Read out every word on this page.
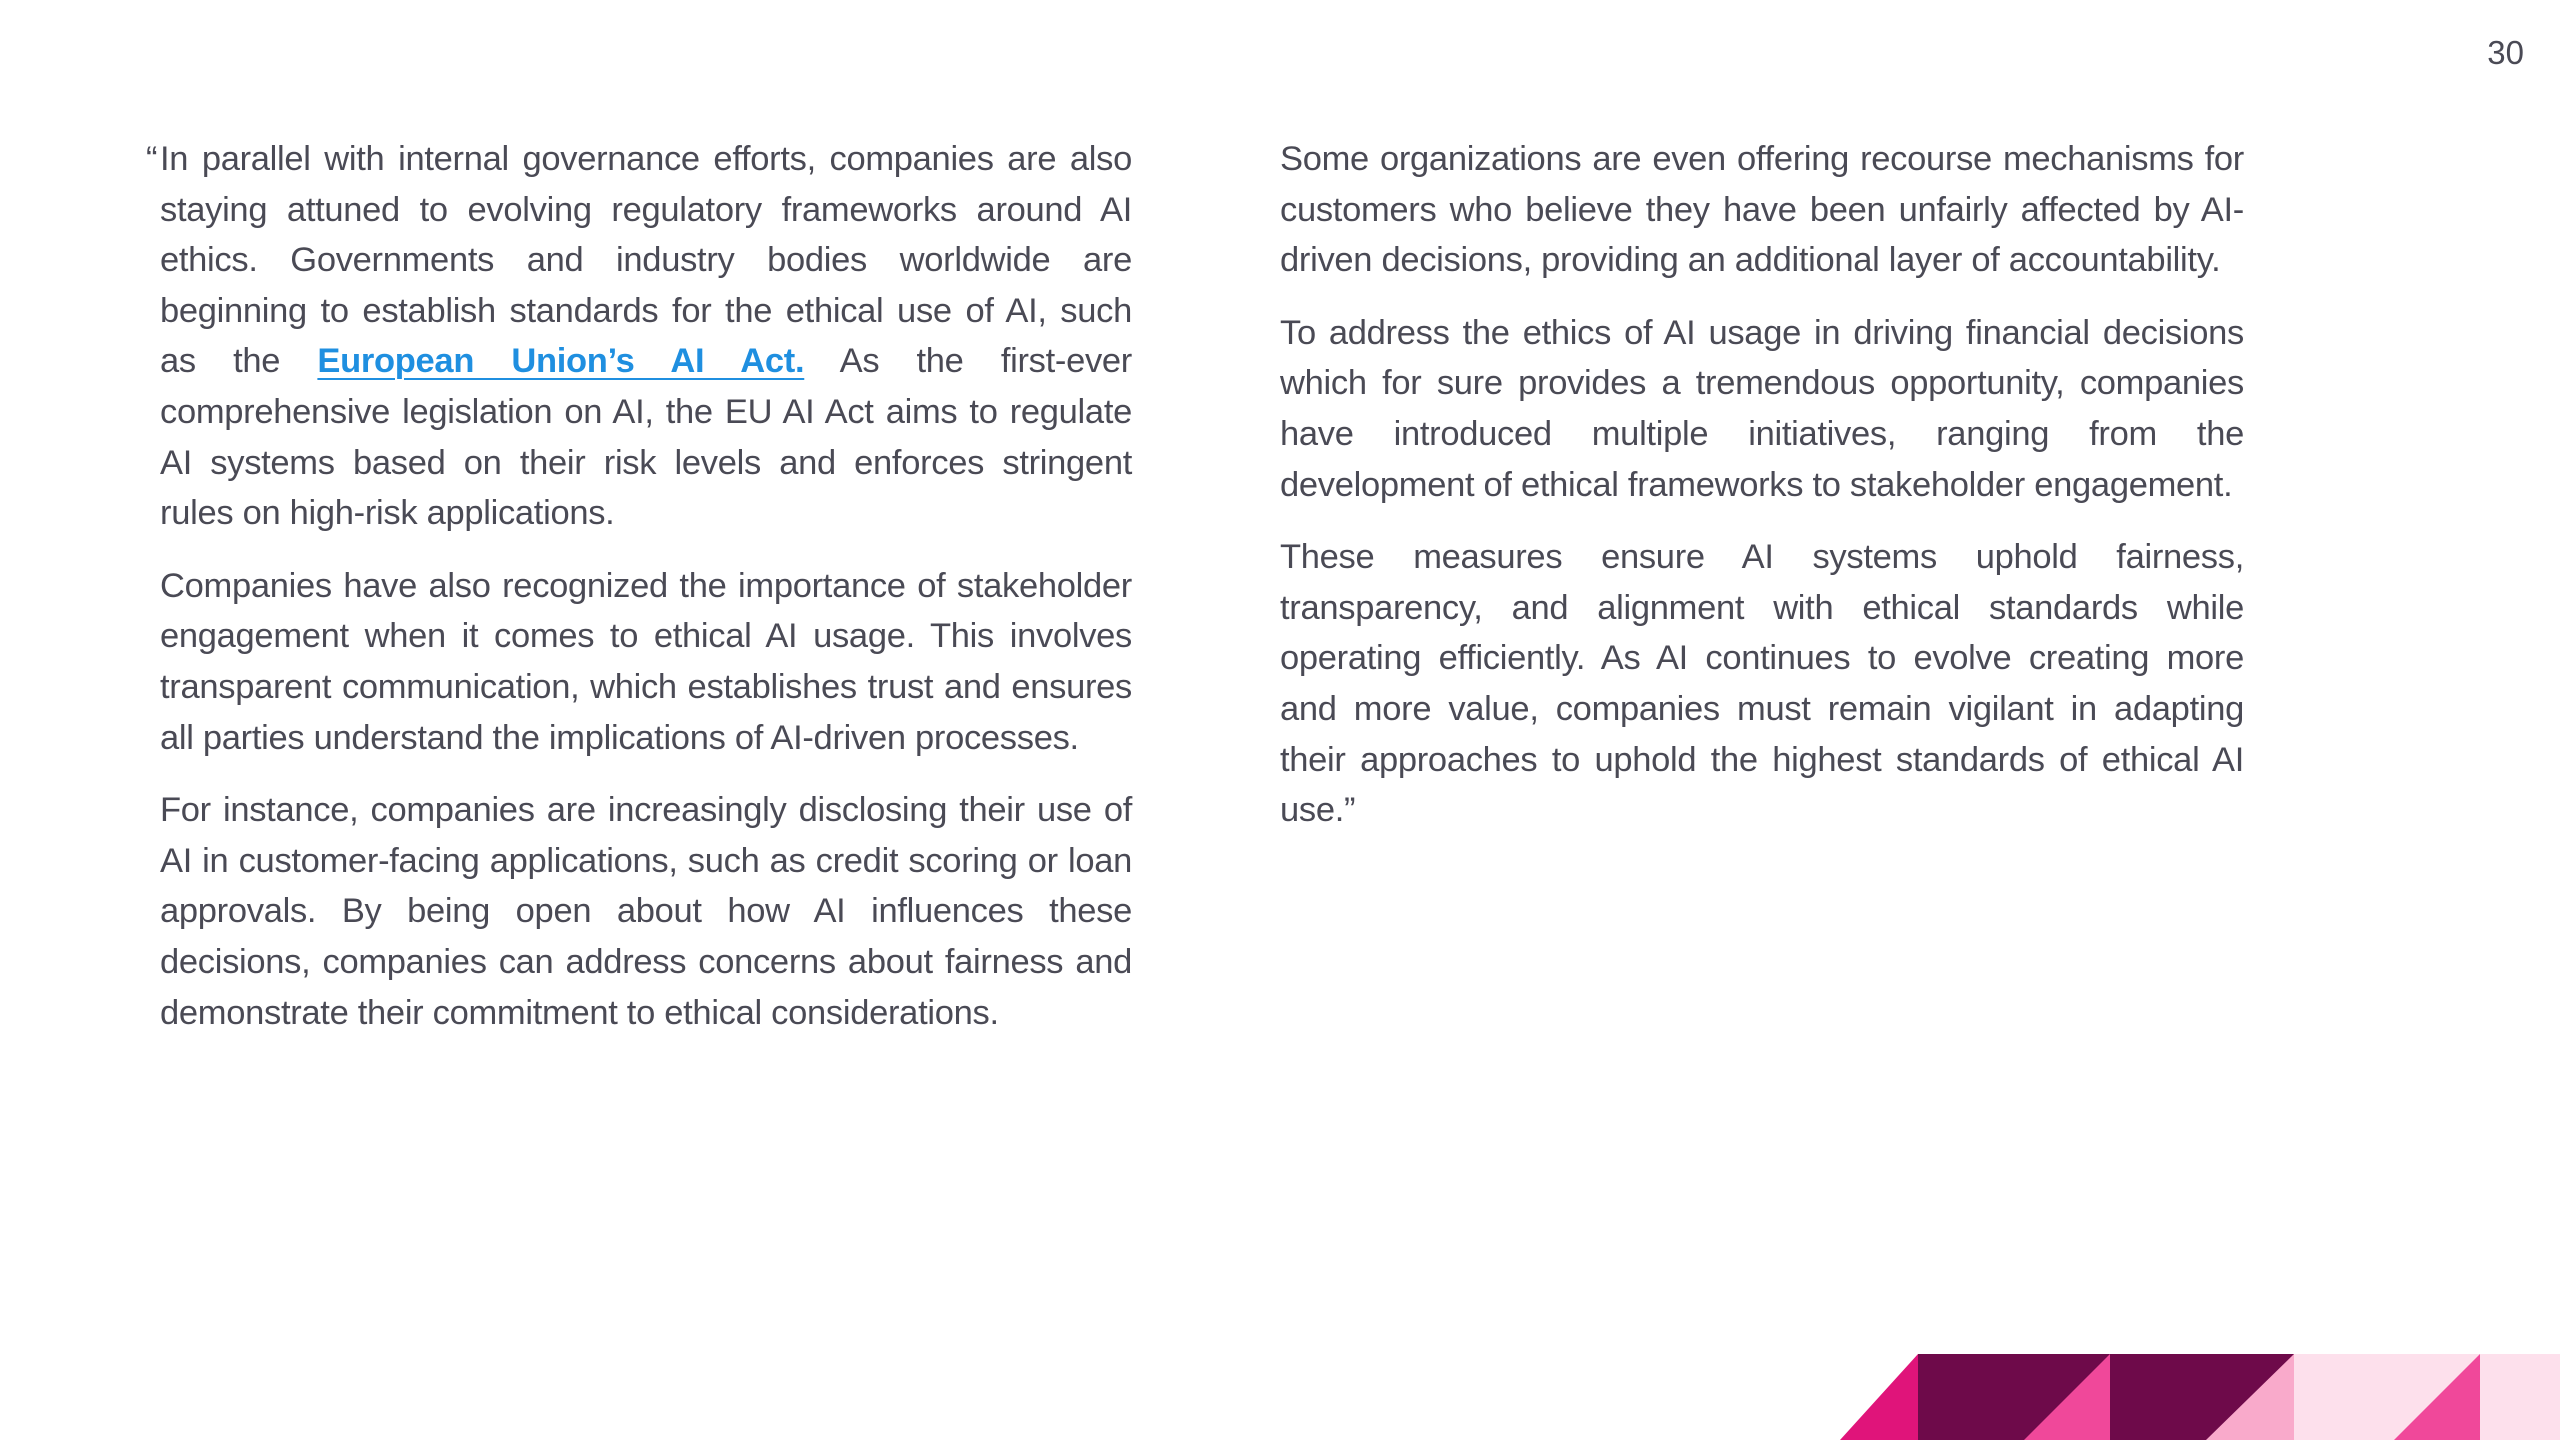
30

“ In parallel with internal governance efforts, companies are also staying attuned to evolving regulatory frameworks around AI ethics. Governments and industry bodies worldwide are beginning to establish standards for the ethical use of AI, such as the European Union’s AI Act. As the first-ever comprehensive legislation on AI, the EU AI Act aims to regulate AI systems based on their risk levels and enforces stringent rules on high-risk applications.

Companies have also recognized the importance of stakeholder engagement when it comes to ethical AI usage. This involves transparent communication, which establishes trust and ensures all parties understand the implications of AI-driven processes.

For instance, companies are increasingly disclosing their use of AI in customer-facing applications, such as credit scoring or loan approvals. By being open about how AI influences these decisions, companies can address concerns about fairness and demonstrate their commitment to ethical considerations.

Some organizations are even offering recourse mechanisms for customers who believe they have been unfairly affected by AI-driven decisions, providing an additional layer of accountability.

To address the ethics of AI usage in driving financial decisions which for sure provides a tremendous opportunity, companies have introduced multiple initiatives, ranging from the development of ethical frameworks to stakeholder engagement.

These measures ensure AI systems uphold fairness, transparency, and alignment with ethical standards while operating efficiently. As AI continues to evolve creating more and more value, companies must remain vigilant in adapting their approaches to uphold the highest standards of ethical AI use.”
